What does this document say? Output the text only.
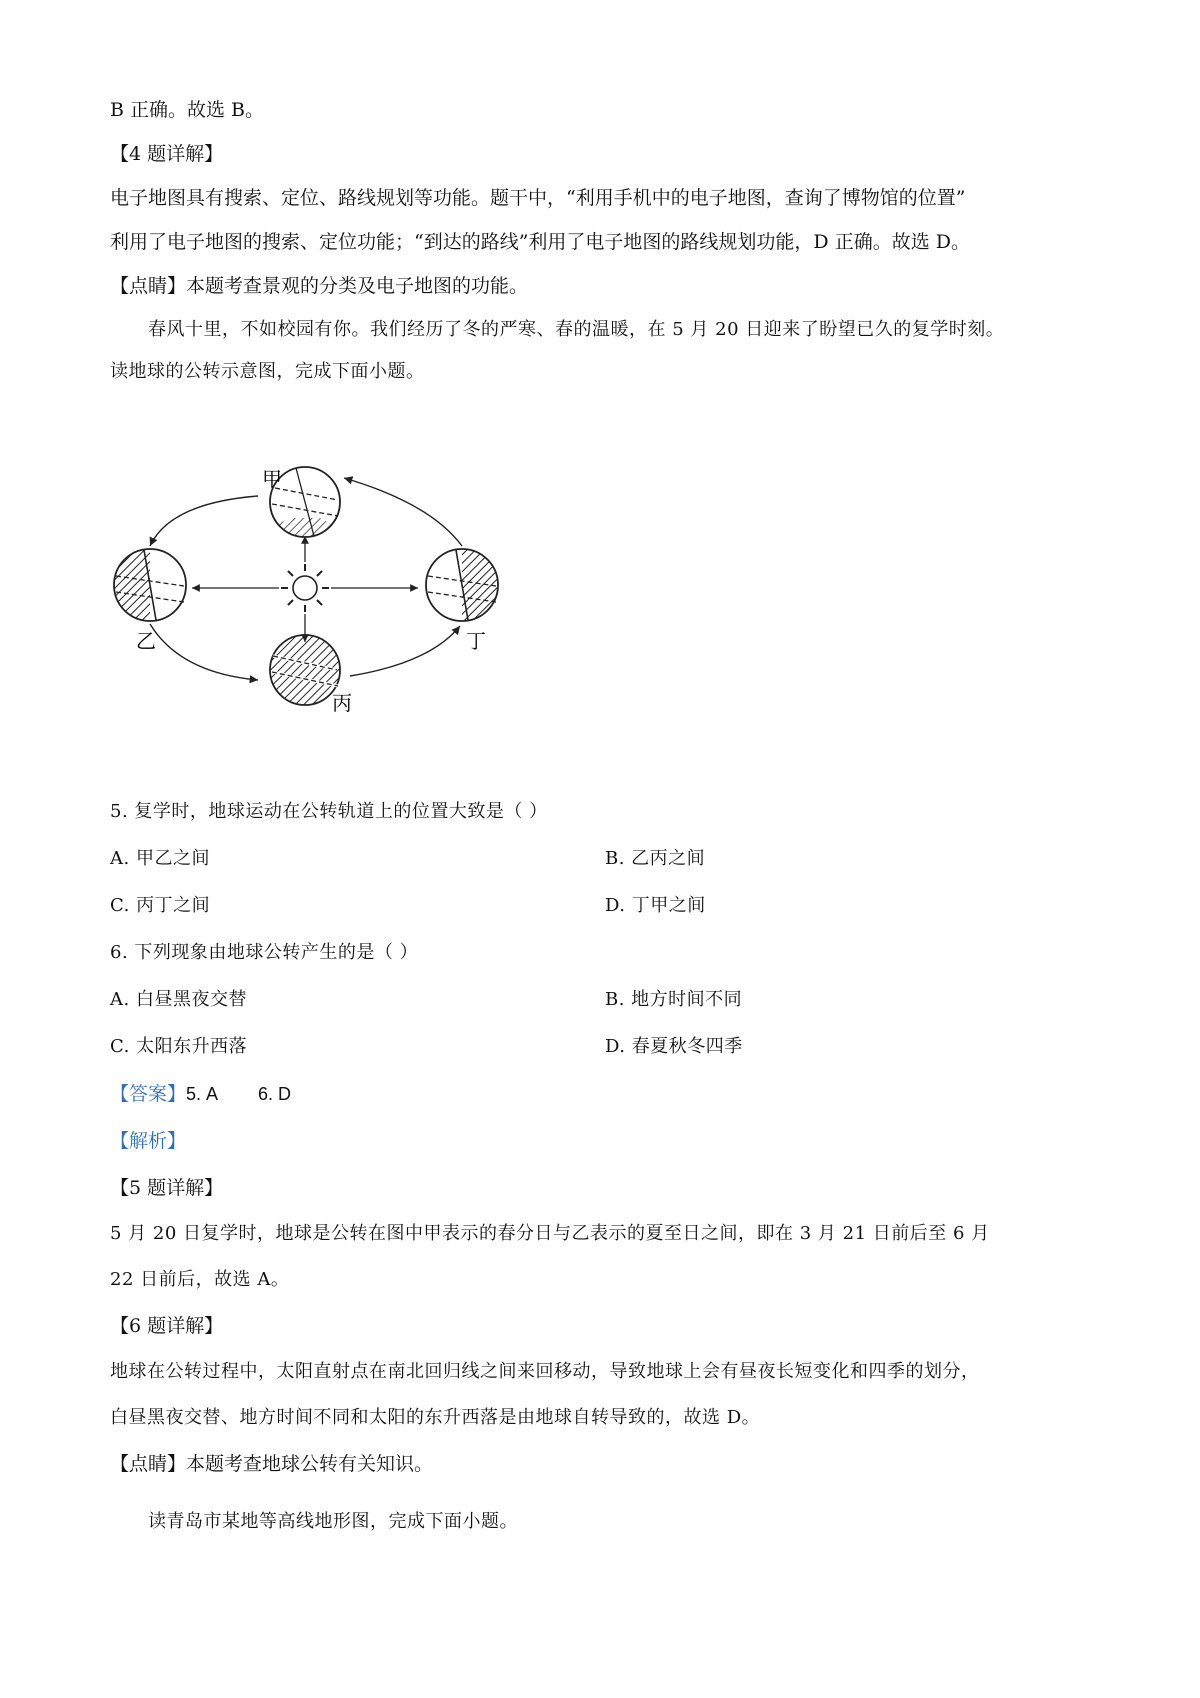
B 正确。故选 B。
【4 题详解】
电子地图具有搜索、定位、路线规划等功能。题干中，“利用手机中的电子地图，查询了博物馆的位置”
利用了电子地图的搜索、定位功能；“到达的路线”利用了电子地图的路线规划功能，D 正确。故选 D。
【点睛】本题考查景观的分类及电子地图的功能。
春风十里，不如校园有你。我们经历了冬的严寒、春的温暖，在 5 月 20 日迎来了盼望已久的复学时刻。
读地球的公转示意图，完成下面小题。
甲
乙
丙
丁
5. 复学时，地球运动在公转轨道上的位置大致是（ ）
A. 甲乙之间	B. 乙丙之间
C. 丙丁之间	D. 丁甲之间
6. 下列现象由地球公转产生的是（ ）
A. 白昼黑夜交替	B. 地方时间不同
C. 太阳东升西落	D. 春夏秋冬四季
【答案】5. A 6. D
【解析】
【5 题详解】
5 月 20 日复学时，地球是公转在图中甲表示的春分日与乙表示的夏至日之间，即在 3 月 21 日前后至 6 月
22 日前后，故选 A。
【6 题详解】
地球在公转过程中，太阳直射点在南北回归线之间来回移动，导致地球上会有昼夜长短变化和四季的划分，
白昼黑夜交替、地方时间不同和太阳的东升西落是由地球自转导致的，故选 D。
【点睛】本题考查地球公转有关知识。
读青岛市某地等高线地形图，完成下面小题。
